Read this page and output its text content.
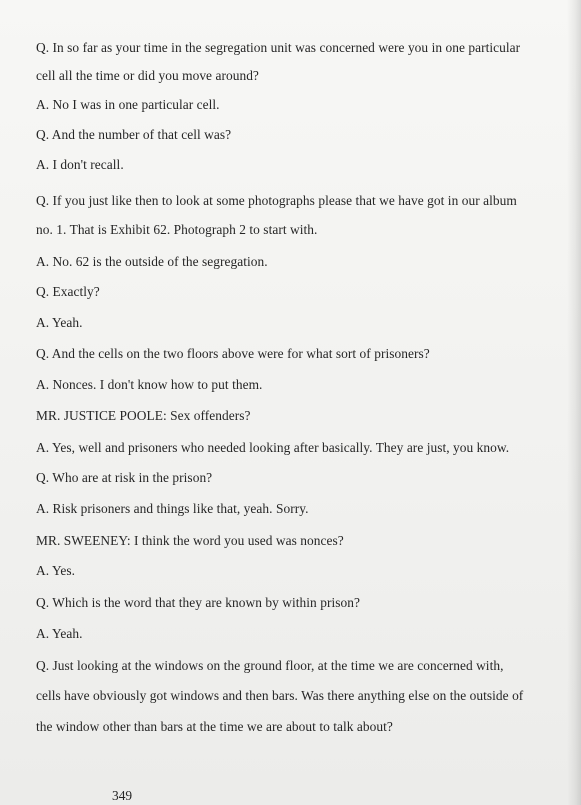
Q. In so far as your time in the segregation unit was concerned were you in one particular
cell all the time or did you move around?
A. No I was in one particular cell.
Q. And the number of that cell was?
A. I don't recall.
Q. If you just like then to look at some photographs please that we have got in our album
no. 1. That is Exhibit 62. Photograph 2 to start with.
A. No. 62 is the outside of the segregation.
Q. Exactly?
A. Yeah.
Q. And the cells on the two floors above were for what sort of prisoners?
A. Nonces. I don't know how to put them.
MR. JUSTICE POOLE: Sex offenders?
A. Yes, well and prisoners who needed looking after basically. They are just, you know.
Q. Who are at risk in the prison?
A. Risk prisoners and things like that, yeah. Sorry.
MR. SWEENEY: I think the word you used was nonces?
A. Yes.
Q. Which is the word that they are known by within prison?
A. Yeah.
Q. Just looking at the windows on the ground floor, at the time we are concerned with,
cells have obviously got windows and then bars. Was there anything else on the outside of
the window other than bars at the time we are about to talk about?
349
